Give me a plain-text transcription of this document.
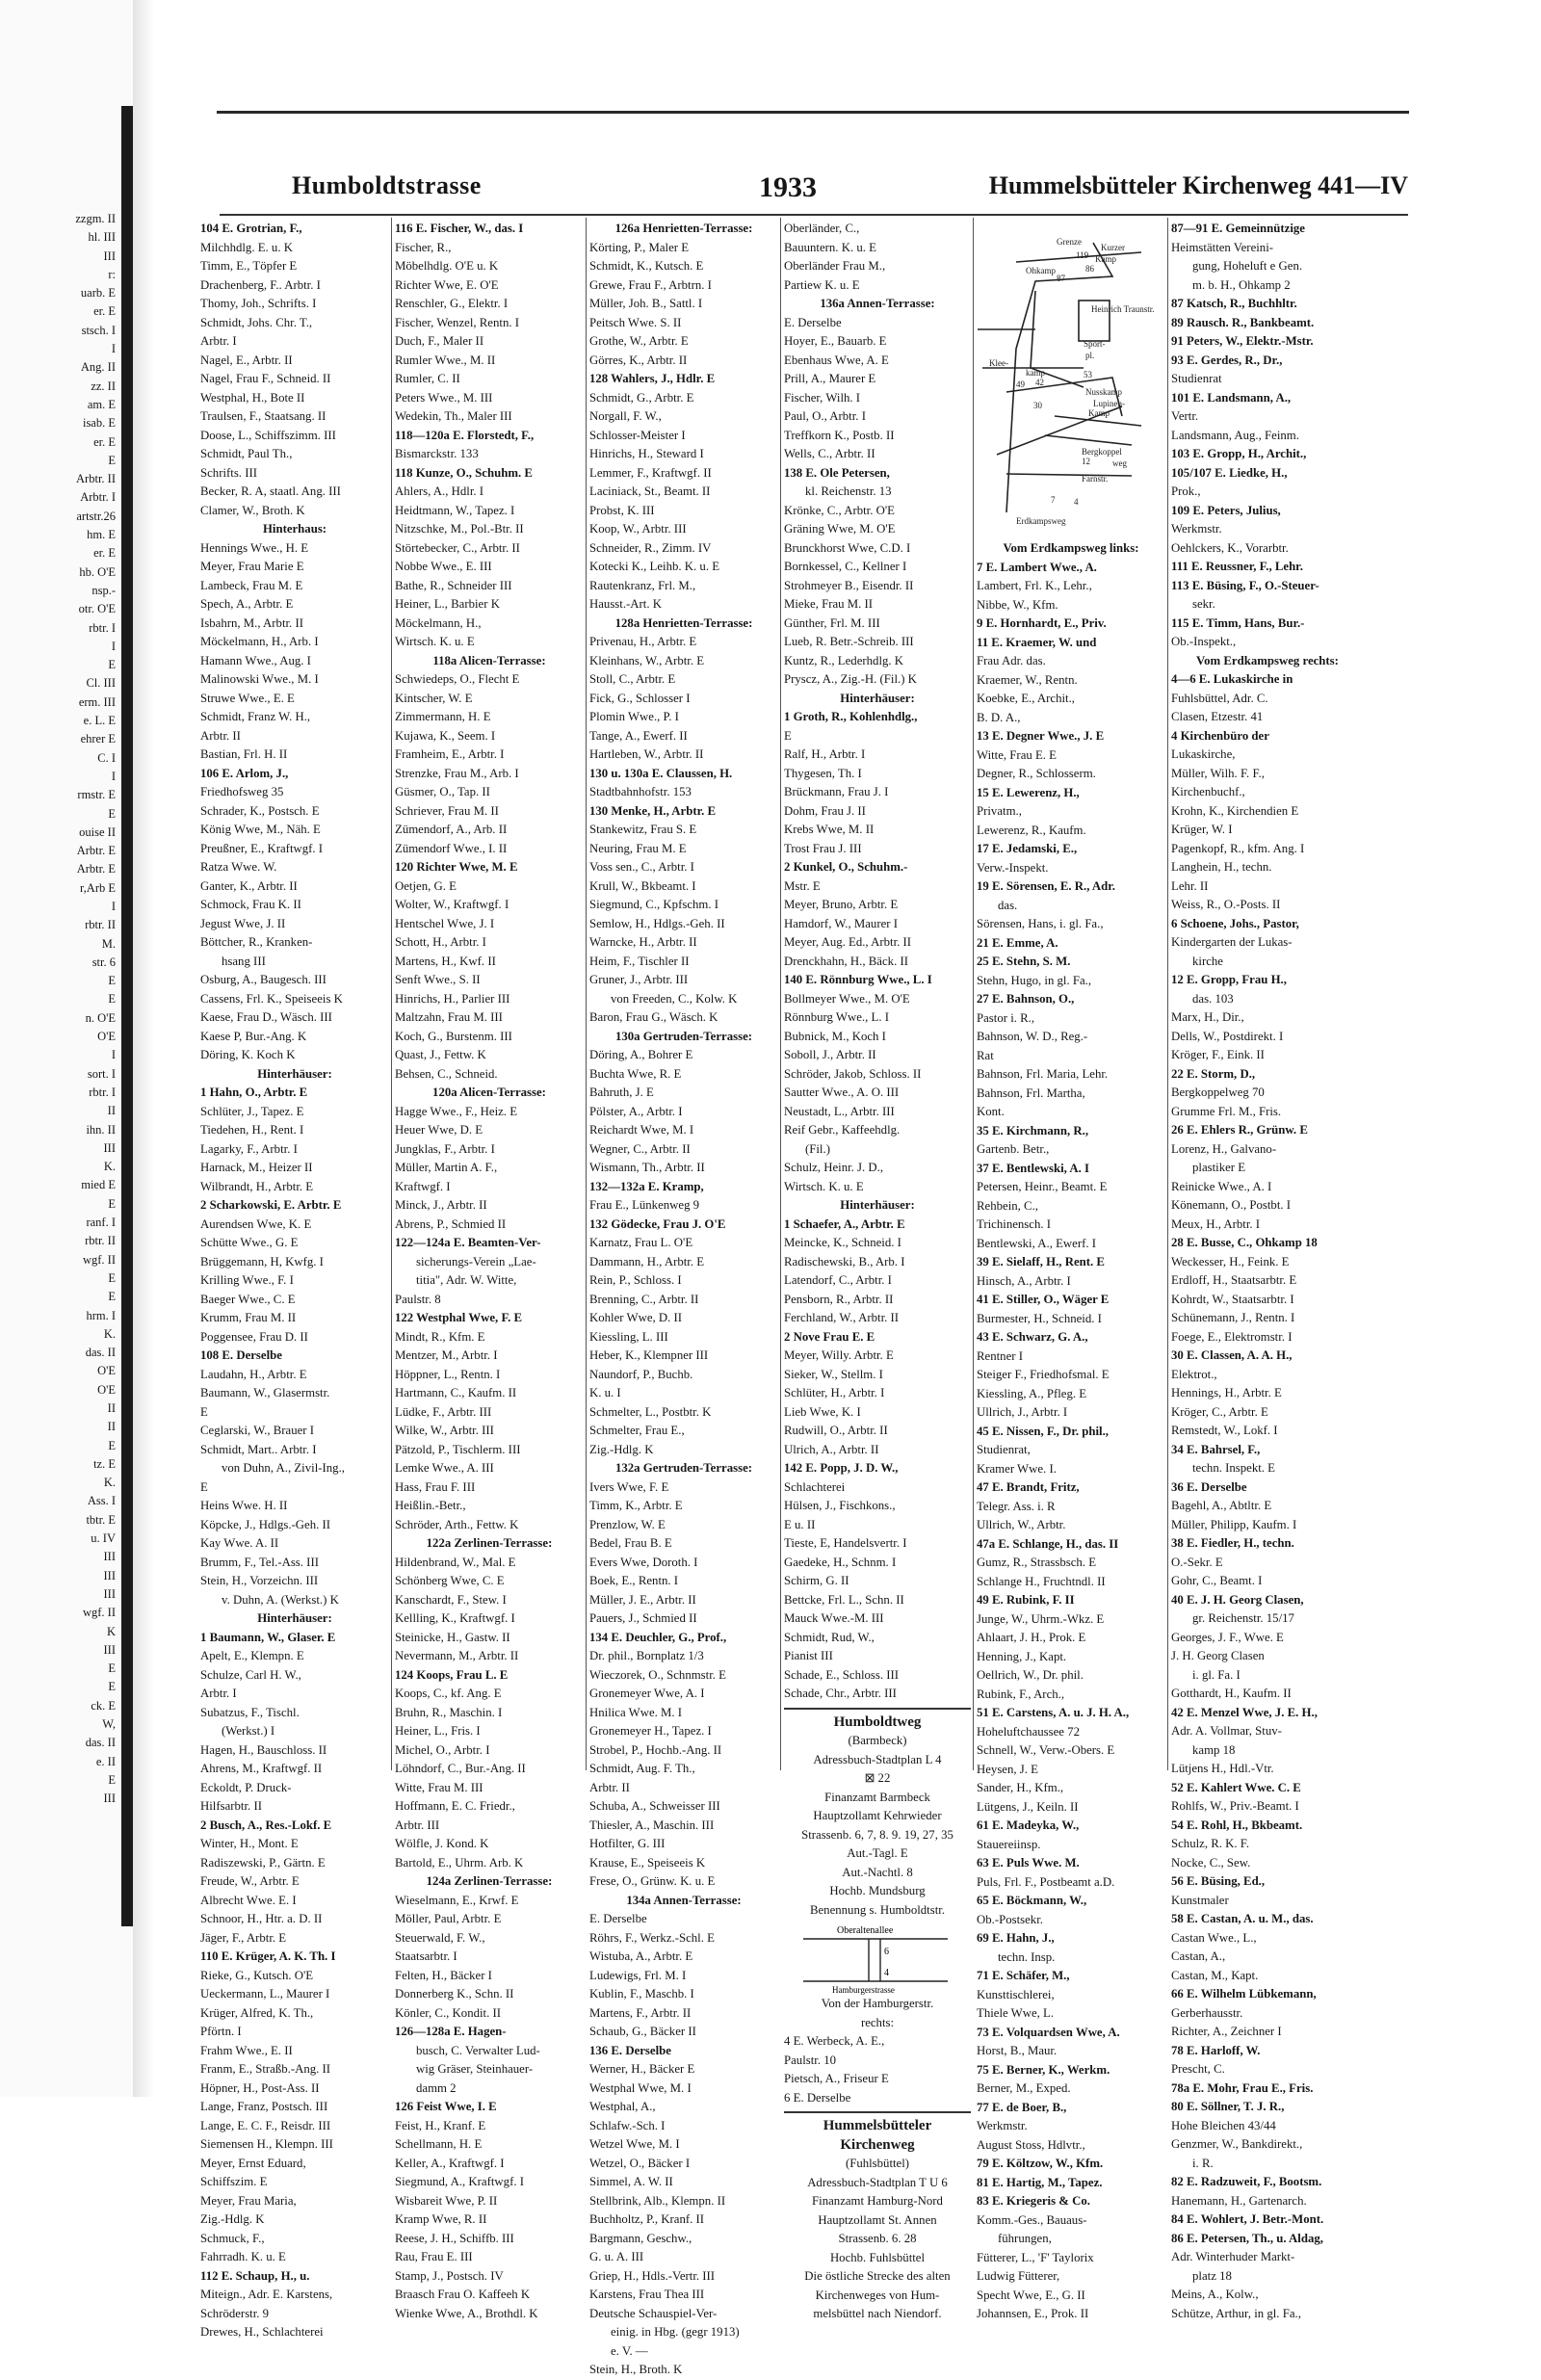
zzgm. II
hl. III
III
r:
uarb. E
er. E
stsch. I
I
Ang. II
zz. II
am. E
isab. E
er. E
E
Arbtr. II
Arbtr. I
artstr.26
hm. E
er. E
hb. O'E
nsp.-
otr. O'E
rbtr. I
I
E
Cl. III
erm. III
e. L. E
ehrer E
C. I
I
rmstr. E
E
ouise II
Arbtr. E
Arbtr. E
r,Arb E
I
rbtr. II
M.
str. 6
E
E
n. O'E
O'E
I
sort. I
rbtr. I
II
ihn. II
III
K.
mied E
E
ranf. I
rbtr. II
wgf. II
E
E
hrm. I
K.
das. II
O'E
O'E
II
II
E
tz. E
K.
Ass. I
tbtr. E
u. IV
III
III
III
wgf. II
K
III
E
E
ck. E
W,
das. II
e. II
E
III
Humboldtstrasse	1933	Hummelsbütteler Kirchenweg 441—IV
104 E. Grotrian, F.,
Milchhdlg. E. u. K
Timm, E., Töpfer E
Drachenberg, F.. Arbtr. I
Thomy, Joh., Schrifts. I
Schmidt, Johs. Chr. T.,
Arbtr. I
Nagel, E., Arbtr. II
Nagel, Frau F., Schneid. II
Westphal, H., Bote II
Traulsen, F., Staatsang. II
Doose, L., Schiffszimm. III
Schmidt, Paul Th.,
Schrifts. III
Becker, R. A, staatl. Ang. III
Clamer, W., Broth. K
Hinterhaus:
Hennings Wwe., H. E
Meyer, Frau Marie E
Lambeck, Frau M. E
Spech, A., Arbtr. E
Isbahrn, M., Arbtr. II
Möckelmann, H., Arb. I
Hamann Wwe., Aug. I
Malinowski Wwe., M. I
Struwe Wwe., E. E
Schmidt, Franz W. H.,
Arbtr. II
Bastian, Frl. H. II
106 E. Arlom, J.,
Friedhofsweg 35
Schrader, K., Postsch. E
König Wwe, M., Näh. E
Preußner, E., Kraftwgf. I
Ratza Wwe. W.
Ganter, K., Arbtr. II
Schmock, Frau K. II
Jegust Wwe, J. II
Böttcher, R., Kranken-
hsang III
Osburg, A., Baugesch. III
Cassens, Frl. K., Speiseeis K
Kaese, Frau D., Wäsch. III
Kaese P, Bur.-Ang. K
Döring, K. Koch K
Hinterhäuser:
1 Hahn, O., Arbtr. E
Schlüter, J., Tapez. E
Tiedehen, H., Rent. I
Lagarky, F., Arbtr. I
Harnack, M., Heizer II
Wilbrandt, H., Arbtr. E
2 Scharkowski, E. Arbtr. E
Aurendsen Wwe, K. E
Schütte Wwe., G. E
Brüggemann, H, Kwfg. I
Krilling Wwe., F. I
Baeger Wwe., C. E
Krumm, Frau M. II
Poggensee, Frau D. II
108 E. Derselbe
Laudahn, H., Arbtr. E
Baumann, W., Glasermstr.
E
Ceglarski, W., Brauer I
Schmidt, Mart.. Arbtr. I
von Duhn, A., Zivil-Ing.,
E
Heins Wwe. H. II
Köpcke, J., Hdlgs.-Geh. II
Kay Wwe. A. II
Brumm, F., Tel.-Ass. III
Stein, H., Vorzeichn. III
v. Duhn, A. (Werkst.) K
Hinterhäuser:
1 Baumann, W., Glaser. E
Apelt, E., Klempn. E
Schulze, Carl H. W.,
Arbtr. I
Subatzus, F., Tischl.
(Werkst.) I
Hagen, H., Bauschloss. II
Ahrens, M., Kraftwgf. II
Eckoldt, P. Druck-
Hilfsarbtr. II
2 Busch, A., Res.-Lokf. E
Winter, H., Mont. E
Radiszewski, P., Gärtn. E
Freude, W., Arbtr. E
Albrecht Wwe. E. I
Schnoor, H., Htr. a. D. II
Jäger, F., Arbtr. E
110 E. Krüger, A. K. Th. I
Rieke, G., Kutsch. O'E
Ueckermann, L., Maurer I
Krüger, Alfred, K. Th.,
Pförtn. I
Frahm Wwe., E. II
Franm, E., Straßb.-Ang. II
Höpner, H., Post-Ass. II
Lange, Franz, Postsch. III
Lange, E. C. F., Reisdr. III
Siemensen H., Klempn. III
Meyer, Ernst Eduard,
Schiffszim. E
Meyer, Frau Maria,
Zig.-Hdlg. K
Schmuck, F.,
Fahrradh. K. u. E
112 E. Schaup, H., u.
Miteign., Adr. E. Karstens,
Schröderstr. 9
Drewes, H., Schlachterei
116 E. Fischer, W., das. I
Fischer, R.,
Möbelhdlg. O'E u. K
Richter Wwe, E. O'E
Renschler, G., Elektr. I
Fischer, Wenzel, Rentn. I
Duch, F., Maler II
Rumler Wwe., M. II
Rumler, C. II
Peters Wwe., M. III
Wedekin, Th., Maler III
118—120a E. Florstedt, F.,
Bismarckstr. 133
118 Kunze, O., Schuhm. E
Ahlers, A., Hdlr. I
Heidtmann, W., Tapez. I
Nitzschke, M., Pol.-Btr. II
Störtebecker, C., Arbtr. II
Nobbe Wwe., E. III
Bathe, R., Schneider III
Heiner, L., Barbier K
Möckelmann, H.,
Wirtsch. K. u. E
118a Alicen-Terrasse:
Schwiedeps, O., Flecht E
Kintscher, W. E
Zimmermann, H. E
Kujawa, K., Seem. I
Framheim, E., Arbtr. I
Strenzke, Frau M., Arb. I
Güsmer, O., Tap. II
Schriever, Frau M. II
Zümendorf, A., Arb. II
Zümendorf Wwe., I. II
120 Richter Wwe, M. E
Oetjen, G. E
Wolter, W., Kraftwgf. I
Hentschel Wwe, J. I
Schott, H., Arbtr. I
Martens, H., Kwf. II
Senft Wwe., S. II
Hinrichs, H., Parlier III
Maltzahn, Frau M. III
Koch, G., Burstenm. III
Quast, J., Fettw. K
Behsen, C., Schneid.
120a Alicen-Terrasse:
Hagge Wwe., F., Heiz. E
Heuer Wwe, D. E
Jungklas, F., Arbtr. I
Müller, Martin A. F.,
Kraftwgf. I
Minck, J., Arbtr. II
Abrens, P., Schmied II
122—124a E. Beamten-Ver-
sicherungs-Verein „Lae-
titia", Adr. W. Witte,
Paulstr. 8
122 Westphal Wwe, F. E
Mindt, R., Kfm. E
Mentzer, M., Arbtr. I
Höppner, L., Rentn. I
Hartmann, C., Kaufm. II
Lüdke, F., Arbtr. III
Wilke, W., Arbtr. III
Pätzold, P., Tischlerm. III
Lemke Wwe., A. III
Hass, Frau F. III
Heißlin.-Betr.,
Schröder, Arth., Fettw. K
122a Zerlinen-Terrasse:
Hildenbrand, W., Mal. E
Schönberg Wwe, C. E
Kanschardt, F., Stew. I
Kellling, K., Kraftwgf. I
Steinicke, H., Gastw. II
Nevermann, M., Arbtr. II
124 Koops, Frau L. E
Koops, C., kf. Ang. E
Bruhn, R., Maschin. I
Heiner, L., Fris. I
Michel, O., Arbtr. I
Löhndorf, C., Bur.-Ang. II
Witte, Frau M. III
Hoffmann, E. C. Friedr.,
Arbtr. III
Wölfle, J. Kond. K
Bartold, E., Uhrm. Arb. K
124a Zerlinen-Terrasse:
Wieselmann, E., Krwf. E
Möller, Paul, Arbtr. E
Steuerwald, F. W.,
Staatsarbtr. I
Felten, H., Bäcker I
Donnerberg K., Schn. II
Könler, C., Kondit. II
126—128a E. Hagen-
busch, C. Verwalter Lud-
wig Gräser, Steinhauer-
damm 2
126 Feist Wwe, I. E
Feist, H., Kranf. E
Schellmann, H. E
Keller, A., Kraftwgf. I
Siegmund, A., Kraftwgf. I
Wisbareit Wwe, P. II
Kramp Wwe, R. II
Reese, J. H., Schiffb. III
Rau, Frau E. III
Stamp, J., Postsch. IV
Braasch Frau O. Kaffeeh K
Wienke Wwe, A., Brothdl. K
126a Henrietten-Terrasse:
Körting, P., Maler E
Schmidt, K., Kutsch. E
Grewe, Frau F., Arbtrn. I
Müller, Joh. B., Sattl. I
Peitsch Wwe. S. II
Grothe, W., Arbtr. E
Görres, K., Arbtr. II
128 Wahlers, J., Hdlr. E
Schmidt, G., Arbtr. E
Norgall, F. W.,
Schlosser-Meister I
Hinrichs, H., Steward I
Lemmer, F., Kraftwgf. II
Laciniack, St., Beamt. II
Probst, K. III
Koop, W., Arbtr. III
Schneider, R., Zimm. IV
Kotecki K., Leihb. K. u. E
Rautenkranz, Frl. M.,
Hausst.-Art. K
128a Henrietten-Terrasse:
Privenau, H., Arbtr. E
Kleinhans, W., Arbtr. E
Stoll, C., Arbtr. E
Fick, G., Schlosser I
Plomin Wwe., P. I
Tange, A., Ewerf. II
Hartleben, W., Arbtr. II
130 u. 130a E. Claussen, H.
Stadtbahnhofstr. 153
130 Menke, H., Arbtr. E
Stankewitz, Frau S. E
Neuring, Frau M. E
Voss sen., C., Arbtr. I
Krull, W., Bkbeamt. I
Siegmund, C., Kpfschm. I
Semlow, H., Hdlgs.-Geh. II
Warncke, H., Arbtr. II
Heim, F., Tischler II
Gruner, J., Arbtr. III
von Freeden, C., Kolw. K
Baron, Frau G., Wäsch. K
130a Gertruden-Terrasse:
Döring, A., Bohrer E
Buchta Wwe, R. E
Bahruth, J. E
Pölster, A., Arbtr. I
Reichardt Wwe, M. I
Wegner, C., Arbtr. II
Wismann, Th., Arbtr. II
132—132a E. Kramp,
Frau E., Lünkenweg 9
132 Gödecke, Frau J. O'E
Karnatz, Frau L. O'E
Dammann, H., Arbtr. E
Rein, P., Schloss. I
Brenning, C., Arbtr. II
Kohler Wwe, D. II
Kiessling, L. III
Heber, K., Klempner III
Naundorf, P., Buchb.
K. u. I
Schmelter, L., Postbtr. K
Schmelter, Frau E.,
Zig.-Hdlg. K
132a Gertruden-Terrasse:
Ivers Wwe, F. E
Timm, K., Arbtr. E
Prenzlow, W. E
Bedel, Frau B. E
Evers Wwe, Doroth. I
Boek, E., Rentn. I
Müller, J. E., Arbtr. II
Pauers, J., Schmied II
134 E. Deuchler, G., Prof.,
Dr. phil., Bornplatz 1/3
Wieczorek, O., Schnmstr. E
Gronemeyer Wwe, A. I
Hnilica Wwe. M. I
Gronemeyer H., Tapez. I
Strobel, P., Hochb.-Ang. II
Schmidt, Aug. F. Th.,
Arbtr. II
Schuba, A., Schweisser III
Thiesler, A., Maschin. III
Hotfilter, G. III
Krause, E., Speiseeis K
Frese, O., Grünw. K. u. E
134a Annen-Terrasse:
E. Derselbe
Röhrs, F., Werkz.-Schl. E
Wistuba, A., Arbtr. E
Ludewigs, Frl. M. I
Kublin, F., Maschb. I
Martens, F., Arbtr. II
Schaub, G., Bäcker II
136 E. Derselbe
Werner, H., Bäcker E
Westphal Wwe, M. I
Westphal, A.,
Schlafw.-Sch. I
Wetzel Wwe, M. I
Wetzel, O., Bäcker I
Simmel, A. W. II
Stellbrink, Alb., Klempn. II
Buchholtz, P., Kranf. II
Bargmann, Geschw.,
G. u. A. III
Griep, H., Hdls.-Vertr. III
Karstens, Frau Thea III
Deutsche Schauspiel-Ver-
einig. in Hbg. (gegr 1913)
e. V. —
Stein, H., Broth. K
Oberländer, C.,
Bauuntern. K. u. E
Oberländer Frau M.,
Partiew K. u. E
136a Annen-Terrasse:
E. Derselbe
Hoyer, E., Bauarb. E
Ebenhaus Wwe, A. E
Prill, A., Maurer E
Fischer, Wilh. I
Paul, O., Arbtr. I
Treffkorn K., Postb. II
Wells, C., Arbtr. II
138 E. Ole Petersen,
kl. Reichenstr. 13
Krönke, C., Arbtr. O'E
Gräning Wwe, M. O'E
Brunckhorst Wwe, C.D. I
Bornkessel, C., Kellner I
Strohmeyer B., Eisendr. II
Mieke, Frau M. II
Günther, Frl. M. III
Lueb, R. Betr.-Schreib. III
Kuntz, R., Lederhdlg. K
Pryscz, A., Zig.-H. (Fil.) K
Hinterhäuser:
1 Groth, R., Kohlenhdlg.,
E
Ralf, H., Arbtr. I
Thygesen, Th. I
Brückmann, Frau J. I
Dohm, Frau J. II
Krebs Wwe, M. II
Trost Frau J. III
2 Kunkel, O., Schuhm.-
Mstr. E
Meyer, Bruno, Arbtr. E
Hamdorf, W., Maurer I
Meyer, Aug. Ed., Arbtr. II
Drenckhahn, H., Bäck. II
140 E. Rönnburg Wwe., L. I
Bollmeyer Wwe., M. O'E
Rönnburg Wwe., L. I
Bubnick, M., Koch I
Soboll, J., Arbtr. II
Schröder, Jakob, Schloss. II
Sautter Wwe., A. O. III
Neustadt, L., Arbtr. III
Reif Gebr., Kaffeehdlg.
(Fil.)
Schulz, Heinr. J. D.,
Wirtsch. K. u. E
Hinterhäuser:
1 Schaefer, A., Arbtr. E
Meincke, K., Schneid. I
Radischewski, B., Arb. I
Latendorf, C., Arbtr. I
Pensborn, R., Arbtr. II
Ferchland, W., Arbtr. II
2 Nove Frau E. E
Meyer, Willy. Arbtr. E
Sieker, W., Stellm. I
Schlüter, H., Arbtr. I
Lieb Wwe, K. I
Rudwill, O., Arbtr. II
Ulrich, A., Arbtr. II
142 E. Popp, J. D. W.,
Schlachterei
Hülsen, J., Fischkons.,
E u. II
Tieste, E, Handelsvertr. I
Gaedeke, H., Schnm. I
Schirm, G. II
Bettcke, Frl. L., Schn. II
Mauck Wwe.-M. III
Schmidt, Rud, W.,
Pianist III
Schade, E., Schloss. III
Schade, Chr., Arbtr. III
Humboldtweg
(Barmbeck)
Adressbuch-Stadtplan L 4
⊠ 22
Finanzamt Barmbeck
Hauptzollamt Kehrwieder
Strassenb. 6, 7, 8. 9. 19, 27, 35
Aut.-Tagl. E
Aut.-Nachtl. 8
Hochb. Mundsburg
Benennung s. Humboldtstr.
Oberaltenallee
Hamburgerstrasse
6
4
Von der Hamburgerstr.
rechts:
4 E. Werbeck, A. E.,
Paulstr. 10
Pietsch, A., Friseur E
6 E. Derselbe
Hummelsbütteler
Kirchenweg
(Fuhlsbüttel)
Adressbuch-Stadtplan T U 6
Finanzamt Hamburg-Nord
Hauptzollamt St. Annen
Strassenb. 6. 28
Hochb. Fuhlsbüttel
Die östliche Strecke des alten
Kirchenweges von Hum-
melsbüttel nach Niendorf.
Grenze
Kurzer
Kamp
Ohkamp
Heinrich Traunstr.
Sport-
pl.
Nusskamp
Klee-
kamp
Lupinen-
Kamp
Bergkoppel
weg
Farnstr.
Erdkampsweg
119
86
87
53
49 42
30
12
7 4
Vom Erdkampsweg links:
7 E. Lambert Wwe., A.
Lambert, Frl. K., Lehr.,
Nibbe, W., Kfm.
9 E. Hornhardt, E., Priv.
11 E. Kraemer, W. und
Frau Adr. das.
Kraemer, W., Rentn.
Koebke, E., Archit.,
B. D. A.,
13 E. Degner Wwe., J. E
Witte, Frau E. E
Degner, R., Schlosserm.
15 E. Lewerenz, H.,
Privatm.,
Lewerenz, R., Kaufm.
17 E. Jedamski, E.,
Verw.-Inspekt.
19 E. Sörensen, E. R., Adr.
das.
Sörensen, Hans, i. gl. Fa.,
21 E. Emme, A.
25 E. Stehn, S. M.
Stehn, Hugo, in gl. Fa.,
27 E. Bahnson, O.,
Pastor i. R.,
Bahnson, W. D., Reg.-
Rat
Bahnson, Frl. Maria, Lehr.
Bahnson, Frl. Martha,
Kont.
35 E. Kirchmann, R.,
Gartenb. Betr.,
37 E. Bentlewski, A. I
Petersen, Heinr., Beamt. E
Rehbein, C.,
Trichinensch. I
Bentlewski, A., Ewerf. I
39 E. Sielaff, H., Rent. E
Hinsch, A., Arbtr. I
41 E. Stiller, O., Wäger E
Burmester, H., Schneid. I
43 E. Schwarz, G. A.,
Rentner I
Steiger F., Friedhofsmal. E
Kiessling, A., Pfleg. E
Ullrich, J., Arbtr. I
45 E. Nissen, F., Dr. phil.,
Studienrat,
Kramer Wwe. I.
47 E. Brandt, Fritz,
Telegr. Ass. i. R
Ullrich, W., Arbtr.
47a E. Schlange, H., das. II
Gumz, R., Strassbsch. E
Schlange H., Fruchtndl. II
49 E. Rubink, F. II
Junge, W., Uhrm.-Wkz. E
Ahlaart, J. H., Prok. E
Henning, J., Kapt.
Oellrich, W., Dr. phil.
Rubink, F., Arch.,
51 E. Carstens, A. u. J. H. A.,
Hoheluftchaussee 72
Schnell, W., Verw.-Obers. E
Heysen, J. E
Sander, H., Kfm.,
Lütgens, J., Keiln. II
61 E. Madeyka, W.,
Stauereiinsp.
63 E. Puls Wwe. M.
Puls, Frl. F., Postbeamt a.D.
65 E. Böckmann, W.,
Ob.-Postsekr.
69 E. Hahn, J.,
techn. Insp.
71 E. Schäfer, M.,
Kunsttischlerei,
Thiele Wwe, L.
73 E. Volquardsen Wwe, A.
Horst, B., Maur.
75 E. Berner, K., Werkm.
Berner, M., Exped.
77 E. de Boer, B.,
Werkmstr.
August Stoss, Hdlvtr.,
79 E. Költzow, W., Kfm.
81 E. Hartig, M., Tapez.
83 E. Kriegeris & Co.
Komm.-Ges., Bauaus-
führungen,
Fütterer, L., 'F' Taylorix
Ludwig Fütterer,
Specht Wwe, E., G. II
Johannsen, E., Prok. II
87—91 E. Gemeinnützige
Heimstätten Vereini-
gung, Hoheluft e Gen.
m. b. H., Ohkamp 2
87 Katsch, R., Buchhltr.
89 Rausch. R., Bankbeamt.
91 Peters, W., Elektr.-Mstr.
93 E. Gerdes, R., Dr.,
Studienrat
101 E. Landsmann, A.,
Vertr.
Landsmann, Aug., Feinm.
103 E. Gropp, H., Archit.,
105/107 E. Liedke, H.,
Prok.,
109 E. Peters, Julius,
Werkmstr.
Oehlckers, K., Vorarbtr.
111 E. Reussner, F., Lehr.
113 E. Büsing, F., O.-Steuer-
sekr.
115 E. Timm, Hans, Bur.-
Ob.-Inspekt.,
Vom Erdkampsweg rechts:
4—6 E. Lukaskirche in
Fuhlsbüttel, Adr. C.
Clasen, Etzestr. 41
4 Kirchenbüro der
Lukaskirche,
Müller, Wilh. F. F.,
Kirchenbuchf.,
Krohn, K., Kirchendien E
Krüger, W. I
Pagenkopf, R., kfm. Ang. I
Langhein, H., techn.
Lehr. II
Weiss, R., O.-Posts. II
6 Schoene, Johs., Pastor,
Kindergarten der Lukas-
kirche
12 E. Gropp, Frau H.,
das. 103
Marx, H., Dir.,
Dells, W., Postdirekt. I
Kröger, F., Eink. II
22 E. Storm, D.,
Bergkoppelweg 70
Grumme Frl. M., Fris.
26 E. Ehlers R., Grünw. E
Lorenz, H., Galvano-
plastiker E
Reinicke Wwe., A. I
Könemann, O., Postbt. I
Meux, H., Arbtr. I
28 E. Busse, C., Ohkamp 18
Weckesser, H., Feink. E
Erdloff, H., Staatsarbtr. E
Kohrdt, W., Staatsarbtr. I
Schünemann, J., Rentn. I
Foege, E., Elektromstr. I
30 E. Classen, A. A. H.,
Elektrot.,
Hennings, H., Arbtr. E
Kröger, C., Arbtr. E
Remstedt, W., Lokf. I
34 E. Bahrsel, F.,
techn. Inspekt. E
36 E. Derselbe
Bagehl, A., Abtltr. E
Müller, Philipp, Kaufm. I
38 E. Fiedler, H., techn.
O.-Sekr. E
Gohr, C., Beamt. I
40 E. J. H. Georg Clasen,
gr. Reichenstr. 15/17
Georges, J. F., Wwe. E
J. H. Georg Clasen
i. gl. Fa. I
Gotthardt, H., Kaufm. II
42 E. Menzel Wwe, J. E. H.,
Adr. A. Vollmar, Stuv-
kamp 18
Lütjens H., Hdl.-Vtr.
52 E. Kahlert Wwe. C. E
Rohlfs, W., Priv.-Beamt. I
54 E. Rohl, H., Bkbeamt.
Schulz, R. K. F.
Nocke, C., Sew.
56 E. Büsing, Ed.,
Kunstmaler
58 E. Castan, A. u. M., das.
Castan Wwe., L.,
Castan, A.,
Castan, M., Kapt.
66 E. Wilhelm Lübkemann,
Gerberhausstr.
Richter, A., Zeichner I
78 E. Harloff, W.
Prescht, C.
78a E. Mohr, Frau E., Fris.
80 E. Söllner, T. J. R.,
Hohe Bleichen 43/44
Genzmer, W., Bankdirekt.,
i. R.
82 E. Radzuweit, F., Bootsm.
Hanemann, H., Gartenarch.
84 E. Wohlert, J. Betr.-Mont.
86 E. Petersen, Th., u. Aldag,
Adr. Winterhuder Markt-
platz 18
Meins, A., Kolw.,
Schütze, Arthur, in gl. Fa.,
